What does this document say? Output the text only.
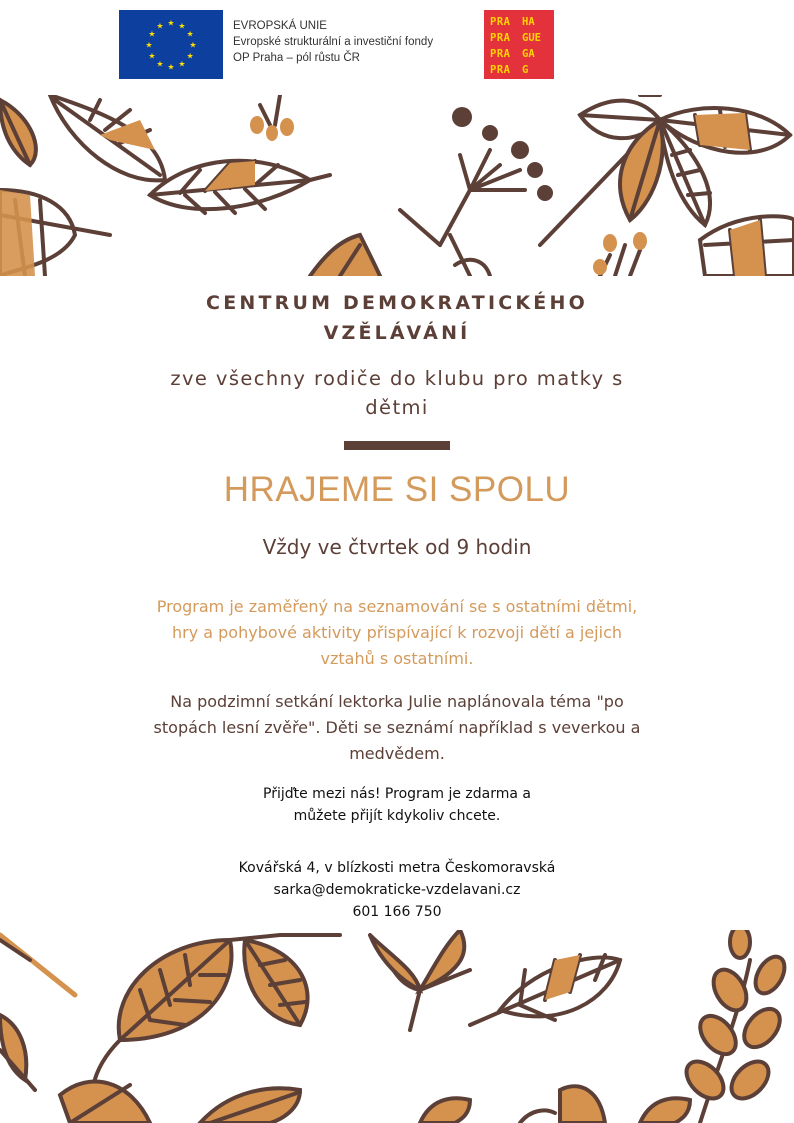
★ ★
★
★
★
★
★
★
★
★
★
★	EVROPSKÁ UNIE
Evropské strukturální a investiční fondy
OP Praha – pól růstu ČR
PRA HA
PRA GUE
PRA GA
PRA G
CENTRUM DEMOKRATICKÉHO
VZĚLÁVÁNÍ
zve všechny rodiče do klubu pro matky s
dětmi
HRAJEME SI SPOLU
Vždy ve čtvrtek od 9 hodin
Program je zaměřený na seznamování se s ostatními dětmi,
hry a pohybové aktivity přispívající k rozvoji dětí a jejich
vztahů s ostatními.
Na podzimní setkání lektorka Julie naplánovala téma "po
stopách lesní zvěře". Děti se seznámí například s veverkou a
medvědem.
Přijďte mezi nás! Program je zdarma a
můžete přijít kdykoliv chcete.
Kovářská 4, v blízkosti metra Českomoravská
sarka@demokraticke-vzdelavani.cz
601 166 750
